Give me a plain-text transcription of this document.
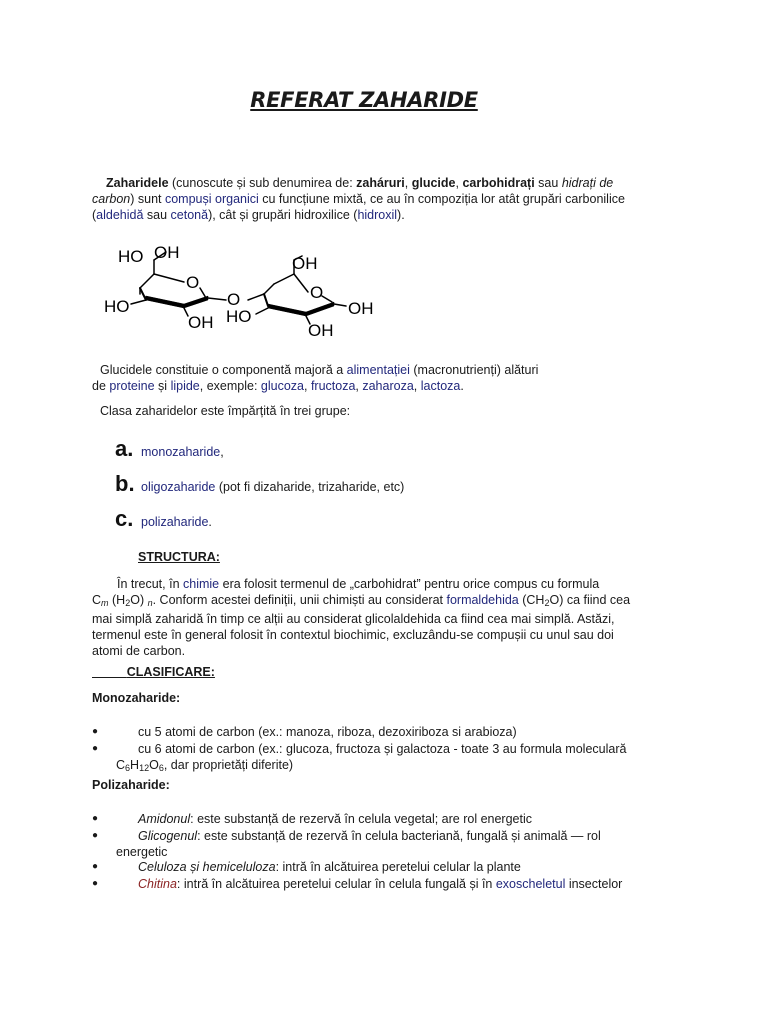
REFERAT ZAHARIDE
Zaharidele (cunoscute și sub denumirea de: zaháruri, glucide, carbohidrați sau hidrați de
carbon) sunt compuși organici cu funcțiune mixtă, ce au în compoziția lor atât grupări carbonilice
(aldehidă sau cetonă), cât și grupări hidroxilice (hidroxil).
HO OH
O
HO
OH
O
OH
O
OH
HO
OH
Glucidele constituie o componentă majoră a alimentației (macronutrienți) alături
de proteine și lipide, exemple: glucoza, fructoza, zaharoza, lactoza.
Clasa zaharidelor este împărțită în trei grupe:
a. monozaharide,
b. oligozaharide (pot fi dizaharide, trizaharide, etc)
c. polizaharide.
STRUCTURA:
În trecut, în chimie era folosit termenul de „carbohidrat” pentru orice compus cu formula
$C_m$ $(H_2O)$ $_n$. Conform acestei definiții, unii chimiști au considerat formaldehida $(CH_2O)$ ca fiind cea
mai simplă zaharidă în timp ce alții au considerat glicolaldehida ca fiind cea mai simplă. Astăzi,
termenul este în general folosit în contextul biochimic, excluzându-se compușii cu unul sau doi
atomi de carbon.
CLASIFICARE:
Monozaharide:
●	cu 5 atomi de carbon (ex.: manoza, riboza, dezoxiriboza si arabioza)
●	cu 6 atomi de carbon (ex.: glucoza, fructoza și galactoza - toate 3 au formula moleculară
$C_6H_{12}O_6$, dar proprietăți diferite)
Polizaharide:
●	Amidonul: este substanță de rezervă în celula vegetal; are rol energetic
●	Glicogenul: este substanță de rezervă în celula bacteriană, fungală și animală — rol
energetic
●	Celuloza și hemiceluloza: intră în alcătuirea peretelui celular la plante
●	Chitina: intră în alcătuirea peretelui celular în celula fungală și în exoscheletul insectelor
